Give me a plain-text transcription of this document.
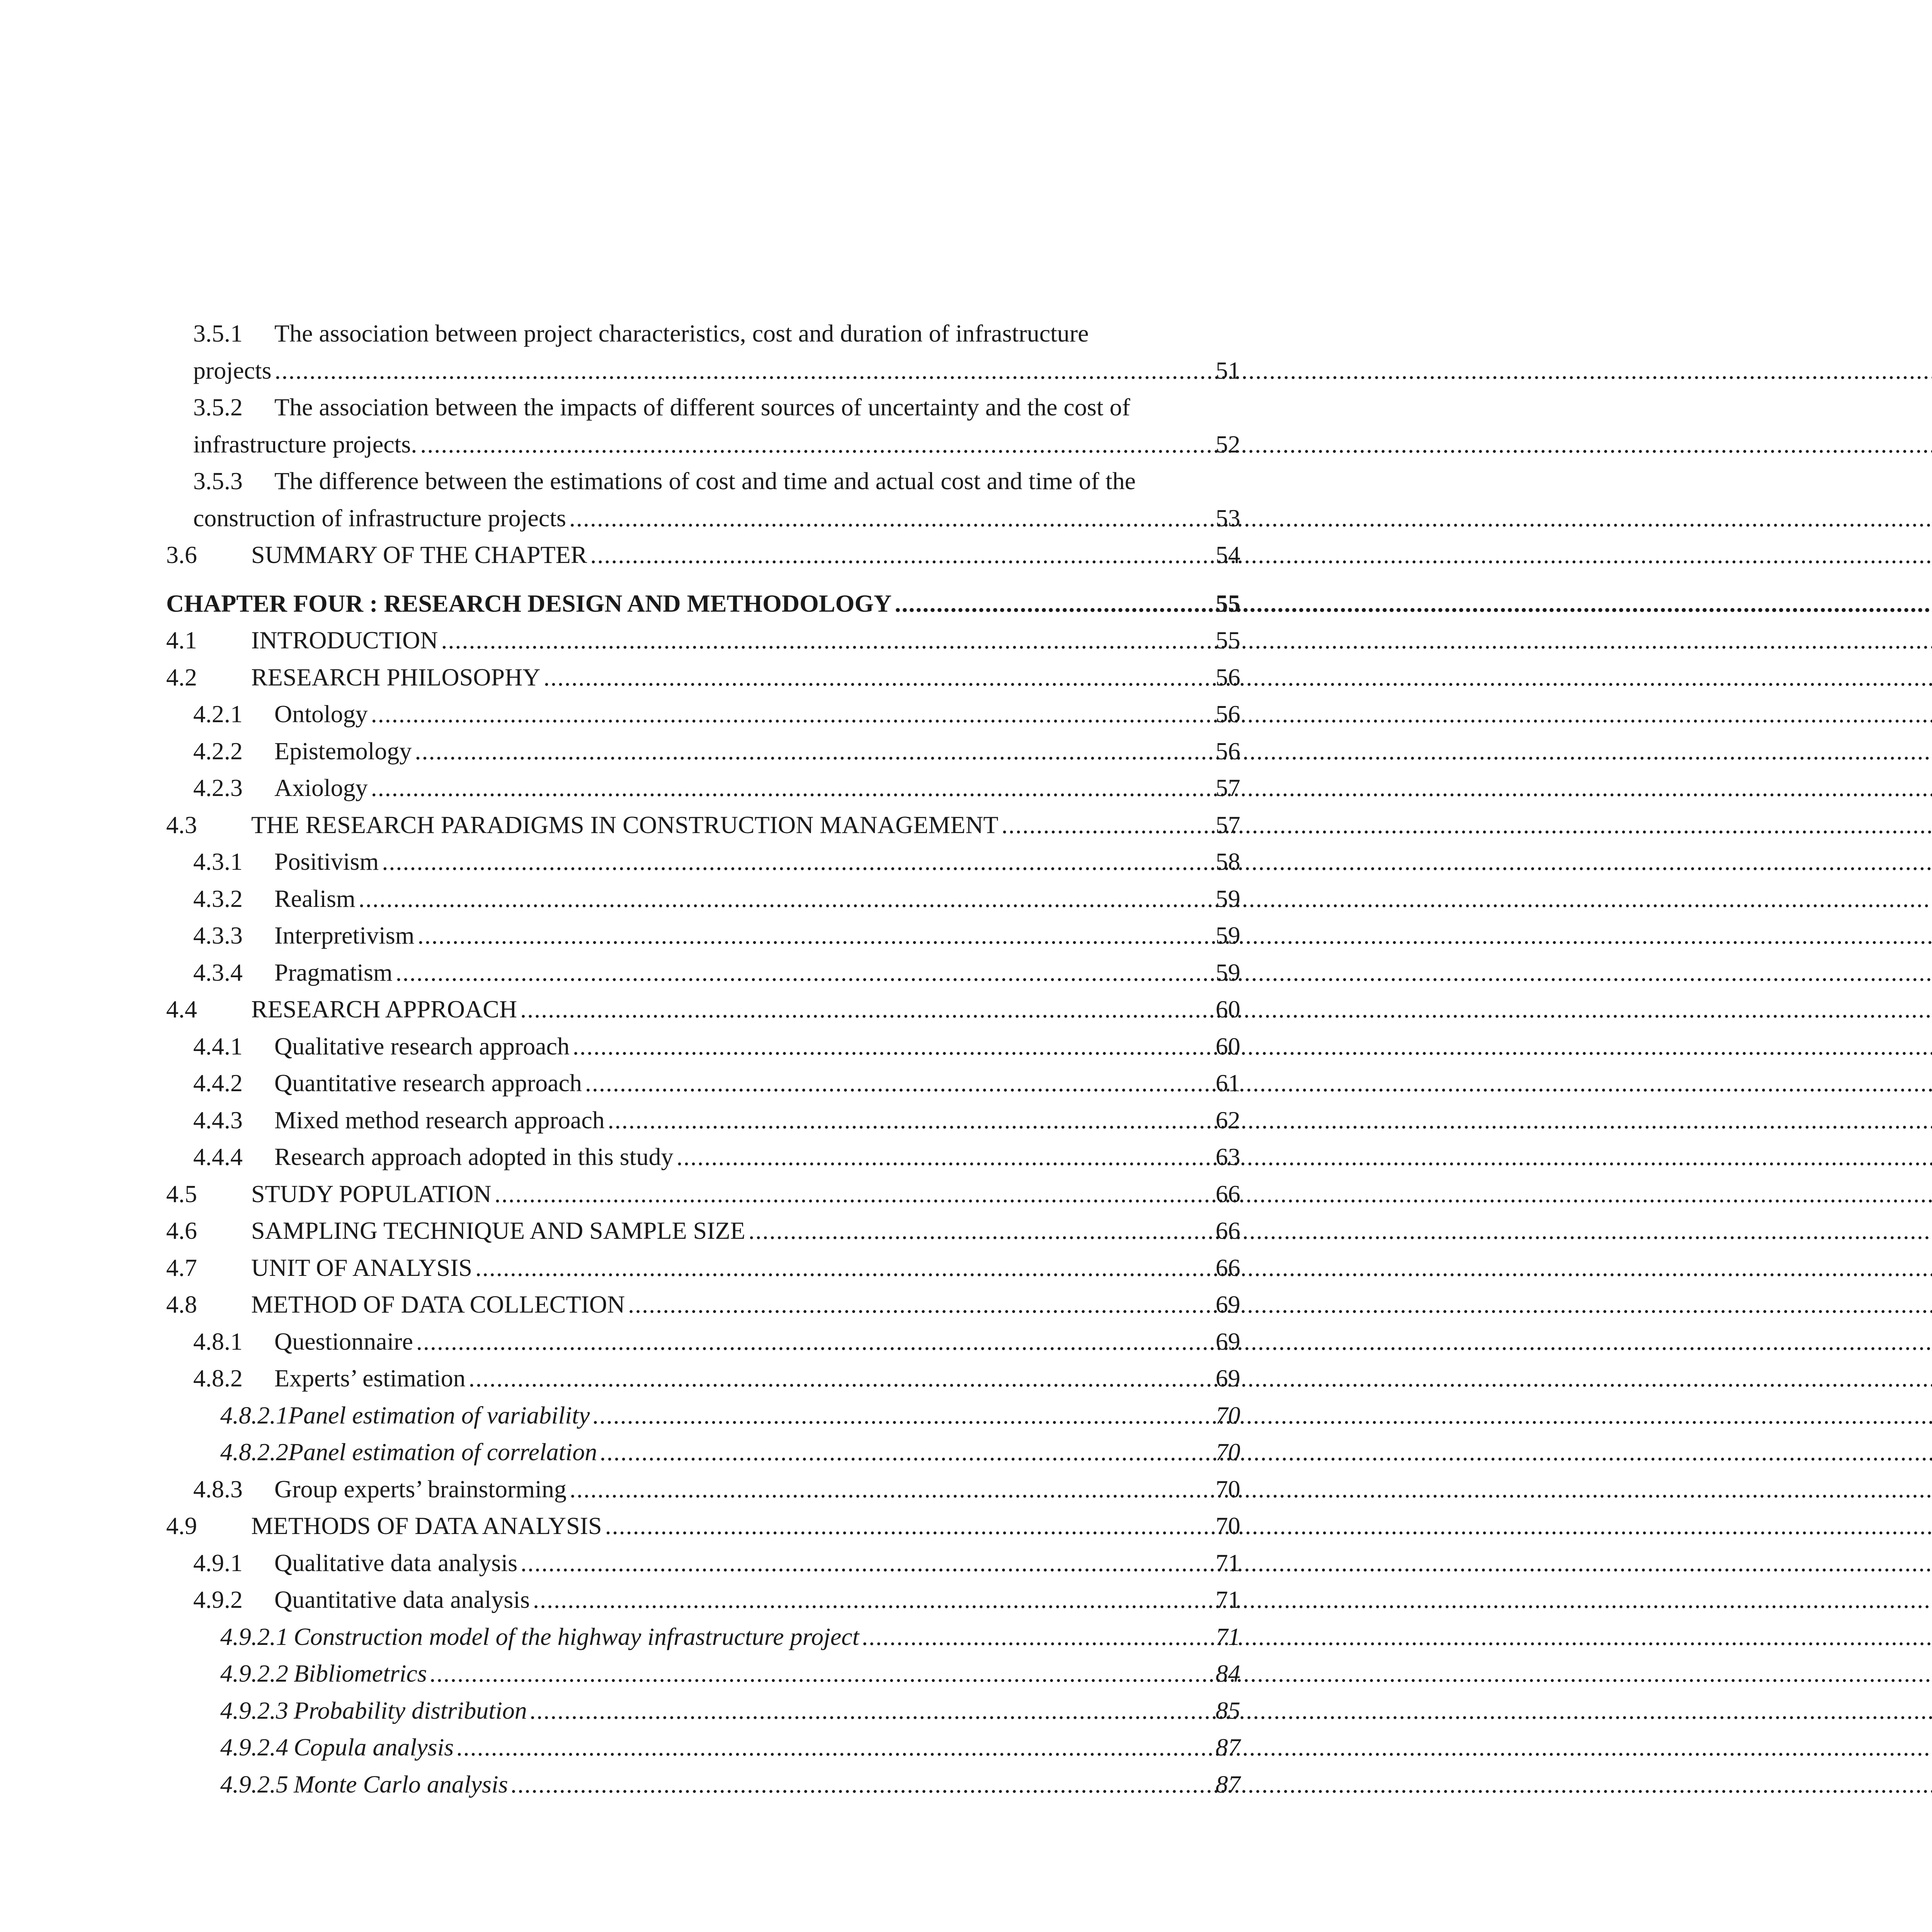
3.5.1 The association between project characteristics, cost and duration of infrastructure
projects .....	51
3.5.2 The association between the impacts of different sources of uncertainty and the cost of
infrastructure projects. .....	52
3.5.3 The difference between the estimations of cost and time and actual cost and time of the
construction of infrastructure projects .....	53
3.6	SUMMARY OF THE CHAPTER .....	54
CHAPTER FOUR : RESEARCH DESIGN AND METHODOLOGY .....	55
4.1	INTRODUCTION .....	55
4.2	RESEARCH PHILOSOPHY .....	56
4.2.1	Ontology .....	56
4.2.2	Epistemology .....	56
4.2.3	Axiology .....	57
4.3	THE RESEARCH PARADIGMS IN CONSTRUCTION MANAGEMENT .....	57
4.3.1	Positivism .....	58
4.3.2	Realism .....	59
4.3.3	Interpretivism .....	59
4.3.4	Pragmatism .....	59
4.4	RESEARCH APPROACH .....	60
4.4.1	Qualitative research approach .....	60
4.4.2	Quantitative research approach .....	61
4.4.3	Mixed method research approach .....	62
4.4.4	Research approach adopted in this study .....	63
4.5	STUDY POPULATION .....	66
4.6	SAMPLING TECHNIQUE AND SAMPLE SIZE .....	66
4.7	UNIT OF ANALYSIS .....	66
4.8	METHOD OF DATA COLLECTION .....	69
4.8.1	Questionnaire .....	69
4.8.2	Experts’ estimation .....	69
4.8.2.1 Panel estimation of variability .....	70
4.8.2.2 Panel estimation of correlation .....	70
4.8.3	Group experts’ brainstorming .....	70
4.9	METHODS OF DATA ANALYSIS .....	70
4.9.1	Qualitative data analysis .....	71
4.9.2	Quantitative data analysis .....	71
4.9.2.1 Construction model of the highway infrastructure project .....	71
4.9.2.2 Bibliometrics .....	84
4.9.2.3 Probability distribution .....	85
4.9.2.4 Copula analysis .....	87
4.9.2.5 Monte Carlo analysis .....	87
